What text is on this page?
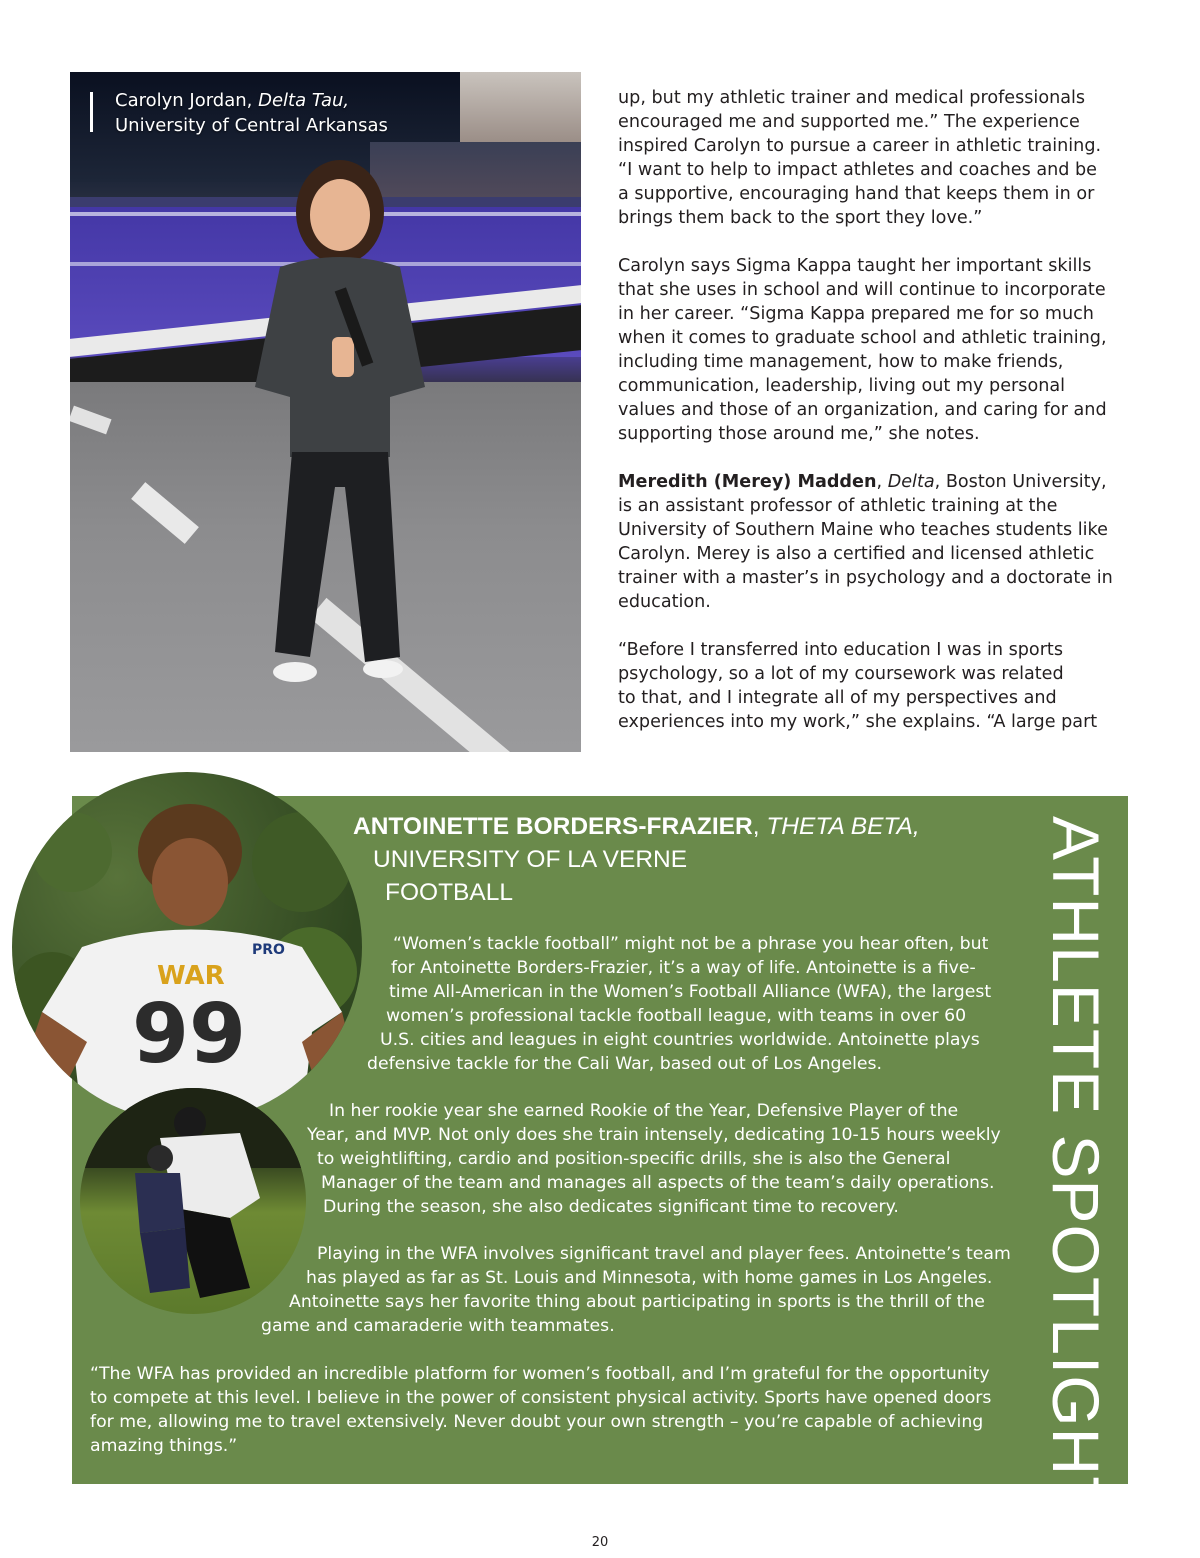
Carolyn Jordan, Delta Tau,
University of Central Arkansas

up, but my athletic trainer and medical professionals
encouraged me and supported me.” The experience
inspired Carolyn to pursue a career in athletic training.
“I want to help to impact athletes and coaches and be
a supportive, encouraging hand that keeps them in or
brings them back to the sport they love.”

Carolyn says Sigma Kappa taught her important skills
that she uses in school and will continue to incorporate
in her career. “Sigma Kappa prepared me for so much
when it comes to graduate school and athletic training,
including time management, how to make friends,
communication, leadership, living out my personal
values and those of an organization, and caring for and
supporting those around me,” she notes.

Meredith (Merey) Madden, Delta, Boston University,
is an assistant professor of athletic training at the
University of Southern Maine who teaches students like
Carolyn. Merey is also a certified and licensed athletic
trainer with a master’s in psychology and a doctorate in
education.

“Before I transferred into education I was in sports
psychology, so a lot of my coursework was related
to that, and I integrate all of my perspectives and
experiences into my work,” she explains. “A large part

ATHLETE SPOTLIGHT
WAR
99
PRO
ANTOINETTE BORDERS-FRAZIER, THETA BETA,
UNIVERSITY OF LA VERNE
FOOTBALL
“Women’s tackle football” might not be a phrase you hear often, but
for Antoinette Borders-Frazier, it’s a way of life. Antoinette is a five-
time All-American in the Women’s Football Alliance (WFA), the largest
women’s professional tackle football league, with teams in over 60
U.S. cities and leagues in eight countries worldwide. Antoinette plays
defensive tackle for the Cali War, based out of Los Angeles.
In her rookie year she earned Rookie of the Year, Defensive Player of the
Year, and MVP. Not only does she train intensely, dedicating 10-15 hours weekly
to weightlifting, cardio and position-specific drills, she is also the General
Manager of the team and manages all aspects of the team’s daily operations.
During the season, she also dedicates significant time to recovery.
Playing in the WFA involves significant travel and player fees. Antoinette’s team
has played as far as St. Louis and Minnesota, with home games in Los Angeles.
Antoinette says her favorite thing about participating in sports is the thrill of the
game and camaraderie with teammates.
“The WFA has provided an incredible platform for women’s football, and I’m grateful for the opportunity
to compete at this level. I believe in the power of consistent physical activity. Sports have opened doors
for me, allowing me to travel extensively. Never doubt your own strength – you’re capable of achieving
amazing things.”
20
